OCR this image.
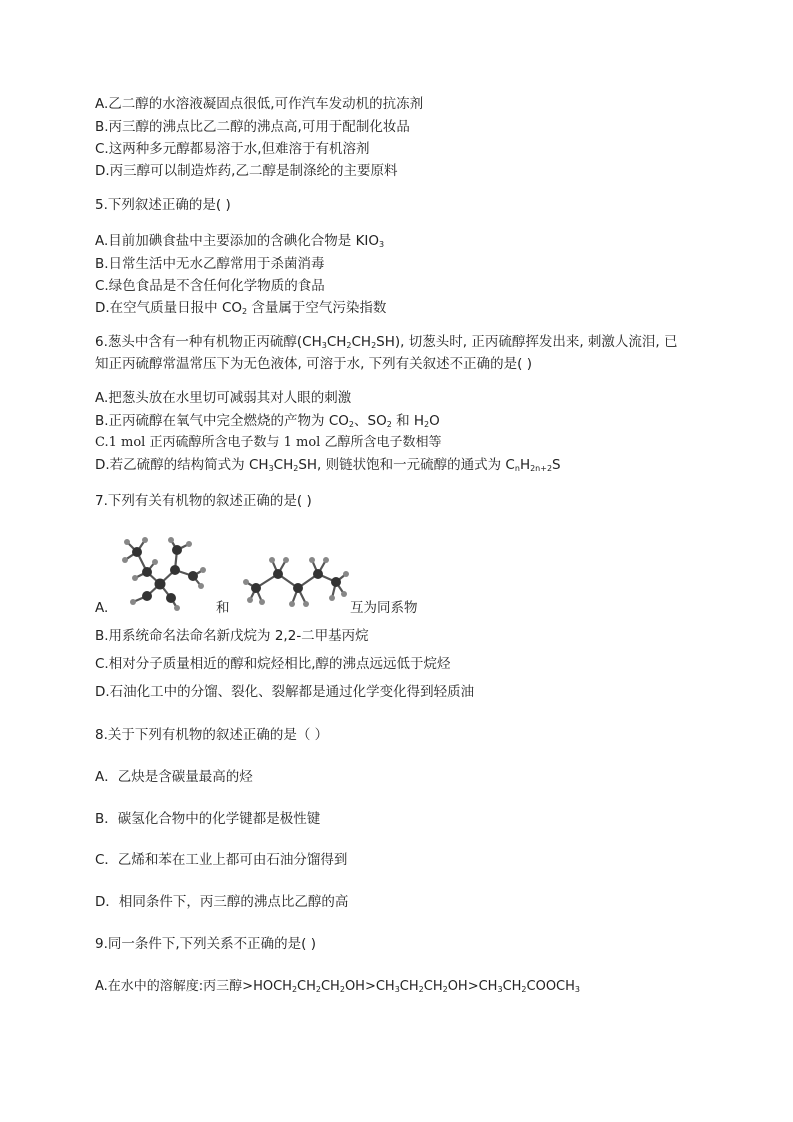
A.乙二醇的水溶液凝固点很低,可作汽车发动机的抗冻剂
B.丙三醇的沸点比乙二醇的沸点高,可用于配制化妆品
C.这两种多元醇都易溶于水,但难溶于有机溶剂
D.丙三醇可以制造炸药,乙二醇是制涤纶的主要原料
5.下列叙述正确的是( )
A.目前加碘食盐中主要添加的含碘化合物是 $KIO_3$
B.日常生活中无水乙醇常用于杀菌消毒
C.绿色食品是不含任何化学物质的食品
D.在空气质量日报中 $CO_2$ 含量属于空气污染指数
6.葱头中含有一种有机物正丙硫醇$(CH_3CH_2CH_2SH)$, 切葱头时, 正丙硫醇挥发出来, 刺激人流泪, 已
知正丙硫醇常温常压下为无色液体, 可溶于水, 下列有关叙述不正确的是( )
A.把葱头放在水里切可减弱其对人眼的刺激
B.正丙硫醇在氧气中完全燃烧的产物为 $CO_2$、$SO_2$ 和 $H_2O$
C.1 mol 正丙硫醇所含电子数与 1 mol 乙醇所含电子数相等
D.若乙硫醇的结构简式为 $CH_3CH_2SH$, 则链状饱和一元硫醇的通式为 $C_nH_{2n+2}S$
7.下列有关有机物的叙述正确的是( )
A.	和	互为同系物
B.用系统命名法命名新戊烷为 2,2-二甲基丙烷
C.相对分子质量相近的醇和烷烃相比,醇的沸点远远低于烷烃
D.石油化工中的分馏、裂化、裂解都是通过化学变化得到轻质油
8.关于下列有机物的叙述正确的是（ ）
A．乙炔是含碳量最高的烃
B．碳氢化合物中的化学键都是极性键
C．乙烯和苯在工业上都可由石油分馏得到
D．相同条件下，丙三醇的沸点比乙醇的高
9.同一条件下,下列关系不正确的是( )
A.在水中的溶解度:丙三醇$>HOCH_2CH_2CH_2OH>CH_3CH_2CH_2OH>CH_3CH_2COOCH_3$
